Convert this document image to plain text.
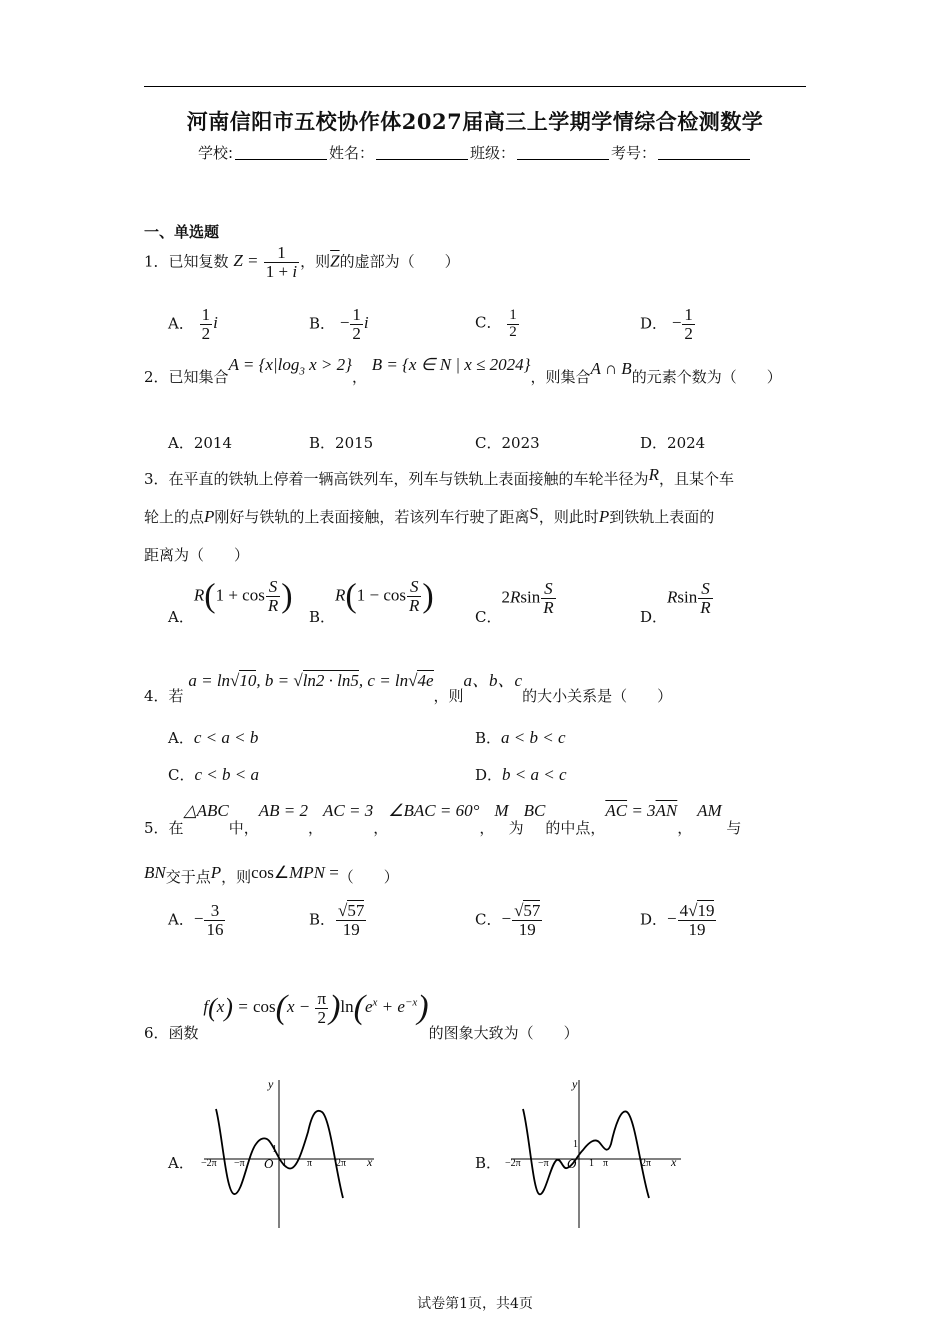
河南信阳市五校协作体2027届高三上学期学情综合检测数学
学校:	姓名：	班级：	考号：
一、单选题
1．已知复数 $Z = \frac{1}{1 + i}$ ，则$\overline{Z}$的虚部为（　　）
A． $\frac{1}{2}$ i	B． − $\frac{1}{2}$ i	C． $\frac{1}{2}$	D． − $\frac{1}{2}$
2．已知集合$A = \{x|\log_3$ x > 2}， B = {x ∈ N | x ≤ 2024}，则集合A ∩ B的元素个数为（　　）
A．2014	B．2015	C．2023	D．2024
3．在平直的铁轨上停着一辆高铁列车，列车与铁轨上表面接触的车轮半径为R，且某个车
轮上的点P刚好与铁轨的上表面接触，若该列车行驶了距离S，则此时P到铁轨上表面的
距离为（　　）
A．$R(1 + \cos \frac{S}{R}$ )
B．$R(1 - \cos \frac{S}{R}$ )
C．$2Rsin \frac{S}{R}$
D．Rsin $\frac{S}{R}$
4．若 a = ln√10, b = √ln2 · ln5, c = ln√4e，则a、b、c的大小关系是（　　）
A．c < a < b	B．a < b < c
C．c < b < a	D．b < a < c
5．在△ABC中，AB = 2，AC = 3，∠BAC = 60°，M为BC的中点，$\overline{AC} = 3\overline{AN}$， AM 与
BN交于点P，则cos∠MPN =（　　）
A．− $\frac{3}{16}$	B． $\frac{√57}{19}$	C．− $\frac{√57}{19}$	D．− $\frac{4√19}{19}$
6．函数 $f(x) = \cos(x - \frac{\pi}{2} )\ln(e^x + e^{-x})$的图象大致为（　　）
A．	B．
y
x
O
1
1
−2π −π	π 2π
y
x
O
1
1
−2π −π	π	2π
试卷第1页，共4页
